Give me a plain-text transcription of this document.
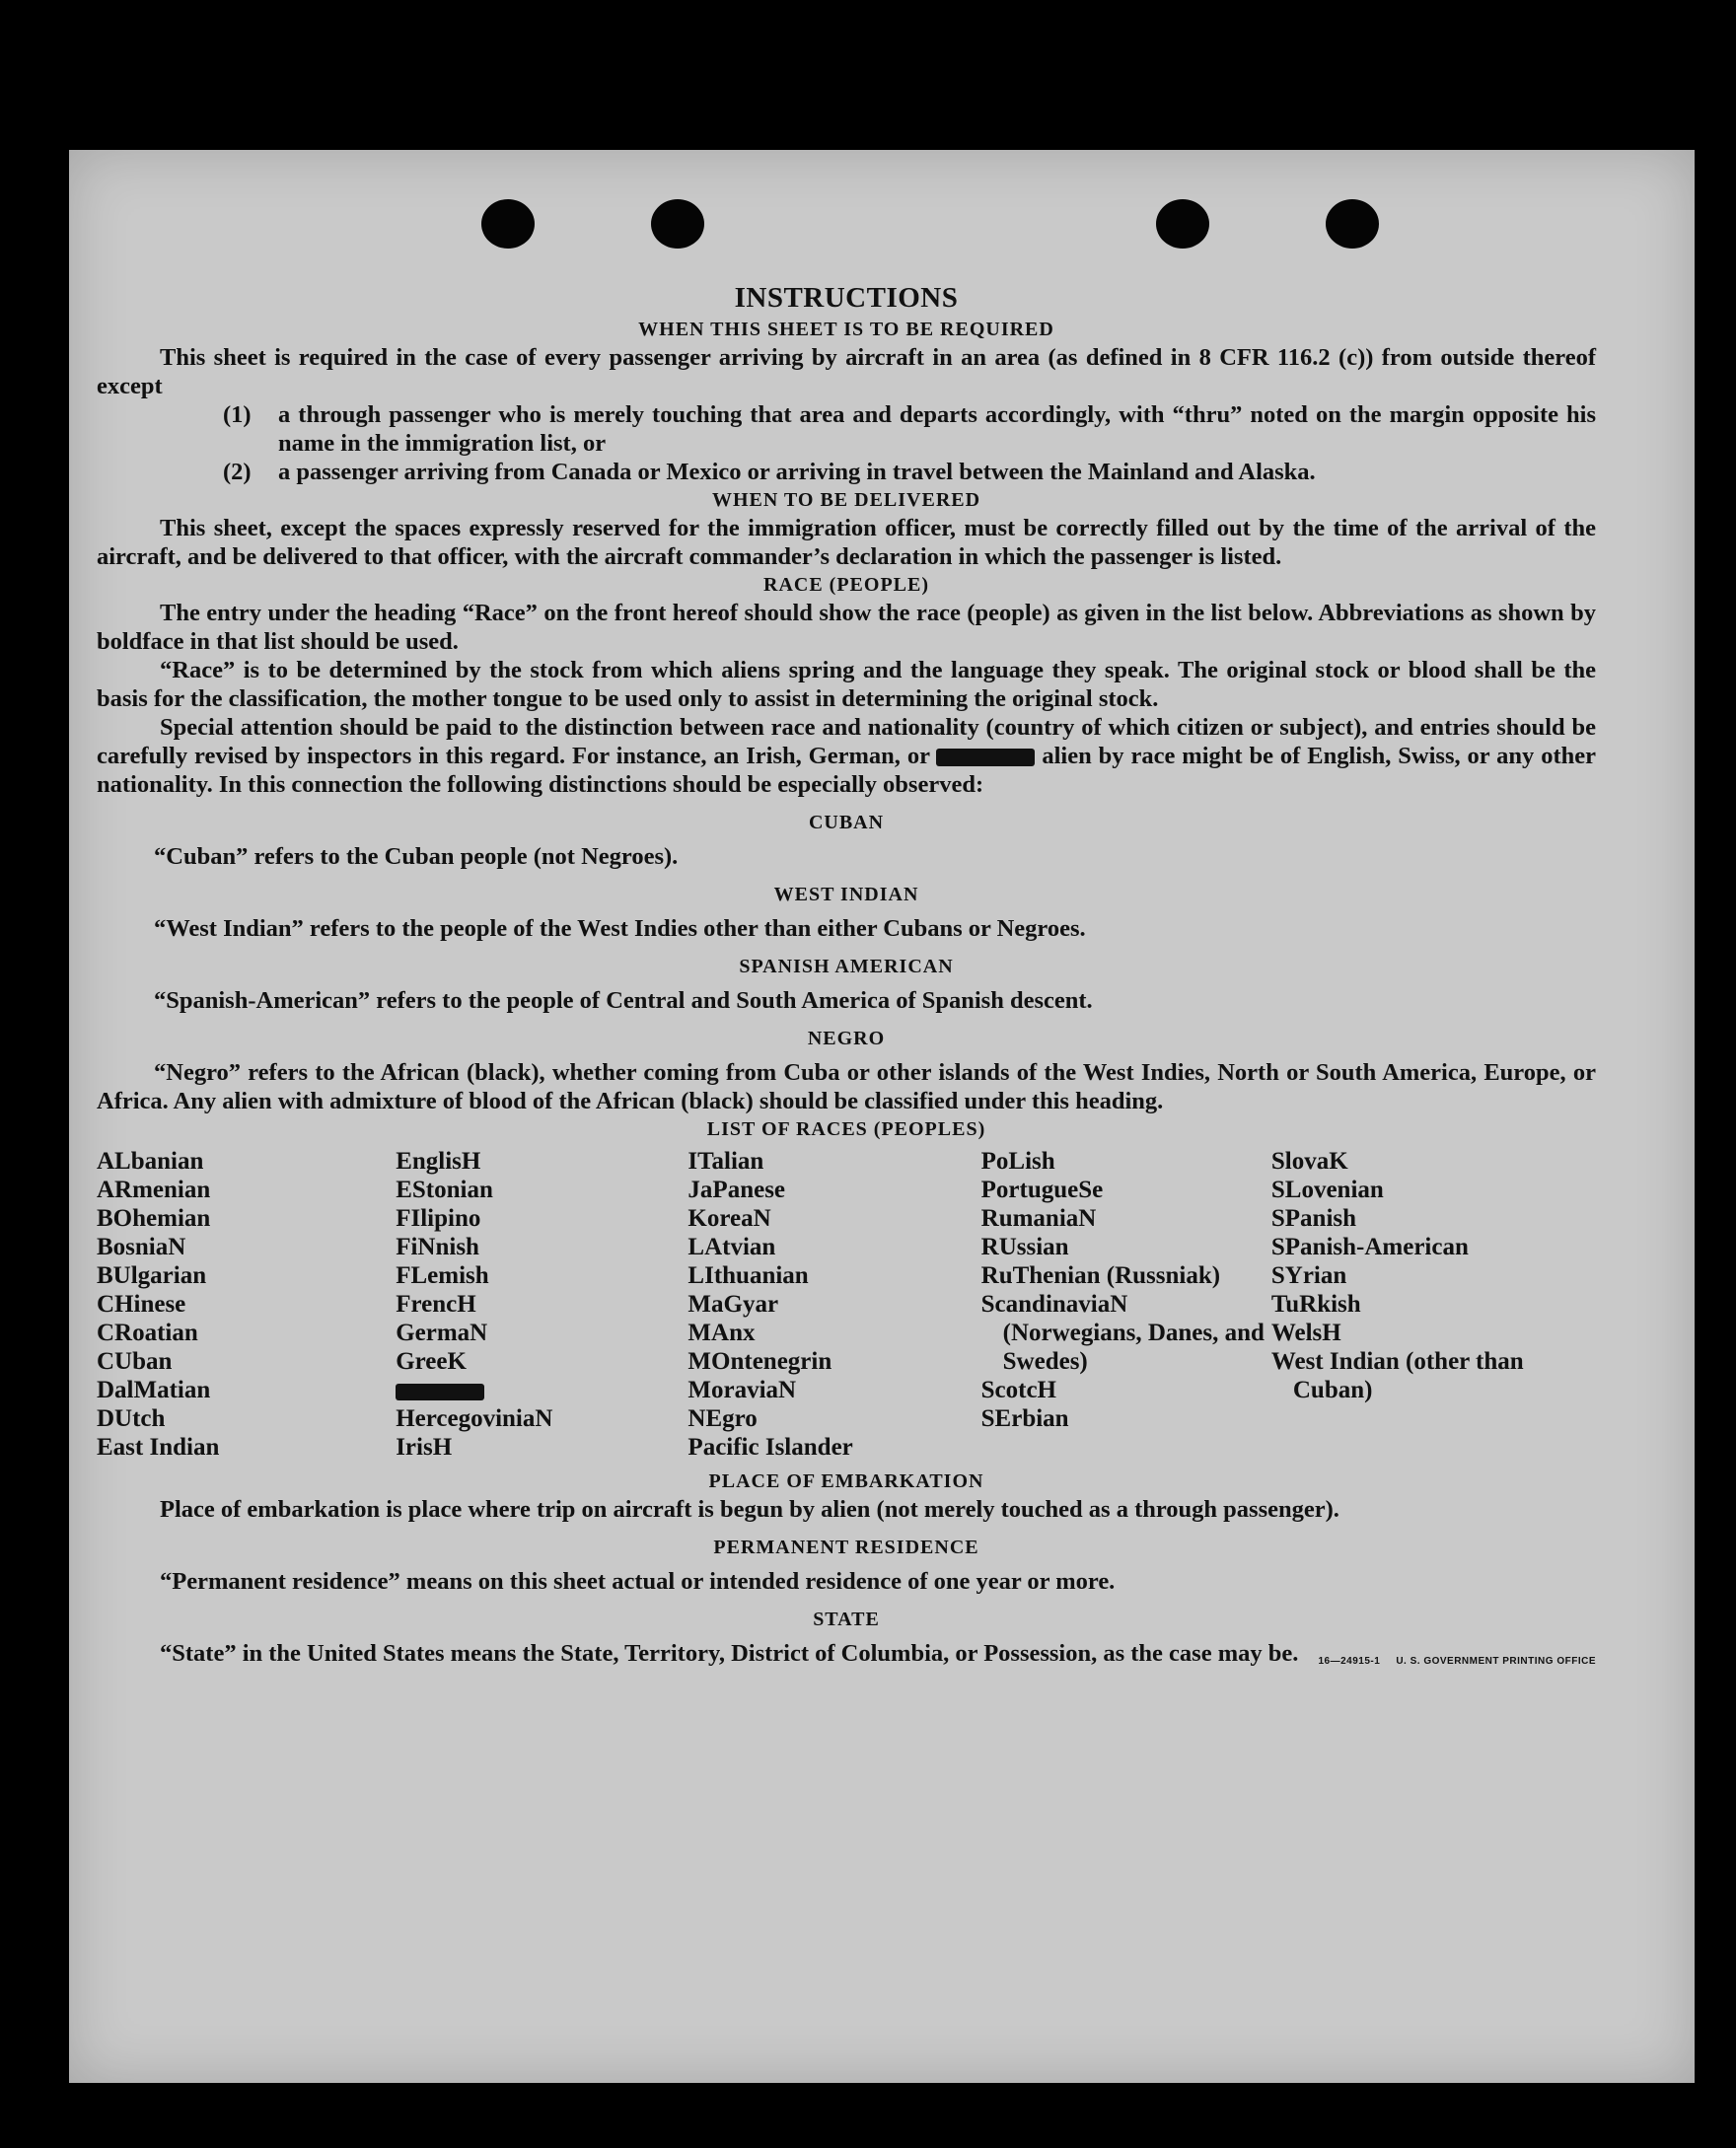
INSTRUCTIONS
WHEN THIS SHEET IS TO BE REQUIRED

This sheet is required in the case of every passenger arriving by aircraft in an area (as defined in 8 CFR 116.2 (c)) from outside thereof except

(1)	a through passenger who is merely touching that area and departs accordingly, with “thru” noted on the margin opposite his name in the immigration list, or
(2)	a passenger arriving from Canada or Mexico or arriving in travel between the Mainland and Alaska.
WHEN TO BE DELIVERED

This sheet, except the spaces expressly reserved for the immigration officer, must be correctly filled out by the time of the arrival of the aircraft, and be delivered to that officer, with the aircraft commander’s declaration in which the passenger is listed.

RACE (PEOPLE)

The entry under the heading “Race” on the front hereof should show the race (people) as given in the list below. Abbreviations as shown by boldface in that list should be used.

“Race” is to be determined by the stock from which aliens spring and the language they speak. The original stock or blood shall be the basis for the classification, the mother tongue to be used only to assist in determining the original stock.

Special attention should be paid to the distinction between race and nationality (country of which citizen or subject), and entries should be carefully revised by inspectors in this regard. For instance, an Irish, German, or	alien by race might be of English, Swiss, or any other nationality. In this connection the following distinctions should be especially observed:

CUBAN

“Cuban” refers to the Cuban people (not Negroes).

WEST INDIAN

“West Indian” refers to the people of the West Indies other than either Cubans or Negroes.

SPANISH AMERICAN

“Spanish-American” refers to the people of Central and South America of Spanish descent.

NEGRO

“Negro” refers to the African (black), whether coming from Cuba or other islands of the West Indies, North or South America, Europe, or Africa. Any alien with admixture of blood of the African (black) should be classified under this heading.

LIST OF RACES (PEOPLES)
ALbanian
ARmenian
BOhemian
BosniaN
BUlgarian
CHinese
CRoatian
CUban
DalMatian
DUtch
East Indian
EnglisH
EStonian
FIlipino
FiNnish
FLemish
FrencH
GermaN
GreeK
HercegoviniaN
IrisH
ITalian
JaPanese
KoreaN
LAtvian
LIthuanian
MaGyar
MAnx
MOntenegrin
MoraviaN
NEgro
Pacific Islander
PoLish
PortugueSe
RumaniaN
RUssian
RuThenian (Russniak)
ScandinaviaN (Norwegians, Danes, and Swedes)
ScotcH
SErbian
SlovaK
SLovenian
SPanish
SPanish-American
SYrian
TuRkish
WelsH
West Indian (other than Cuban)
PLACE OF EMBARKATION

Place of embarkation is place where trip on aircraft is begun by alien (not merely touched as a through passenger).

PERMANENT RESIDENCE

“Permanent residence” means on this sheet actual or intended residence of one year or more.

STATE

“State” in the United States means the State, Territory, District of Columbia, or Possession, as the case may be.	16—24915-1 U. S. GOVERNMENT PRINTING OFFICE
